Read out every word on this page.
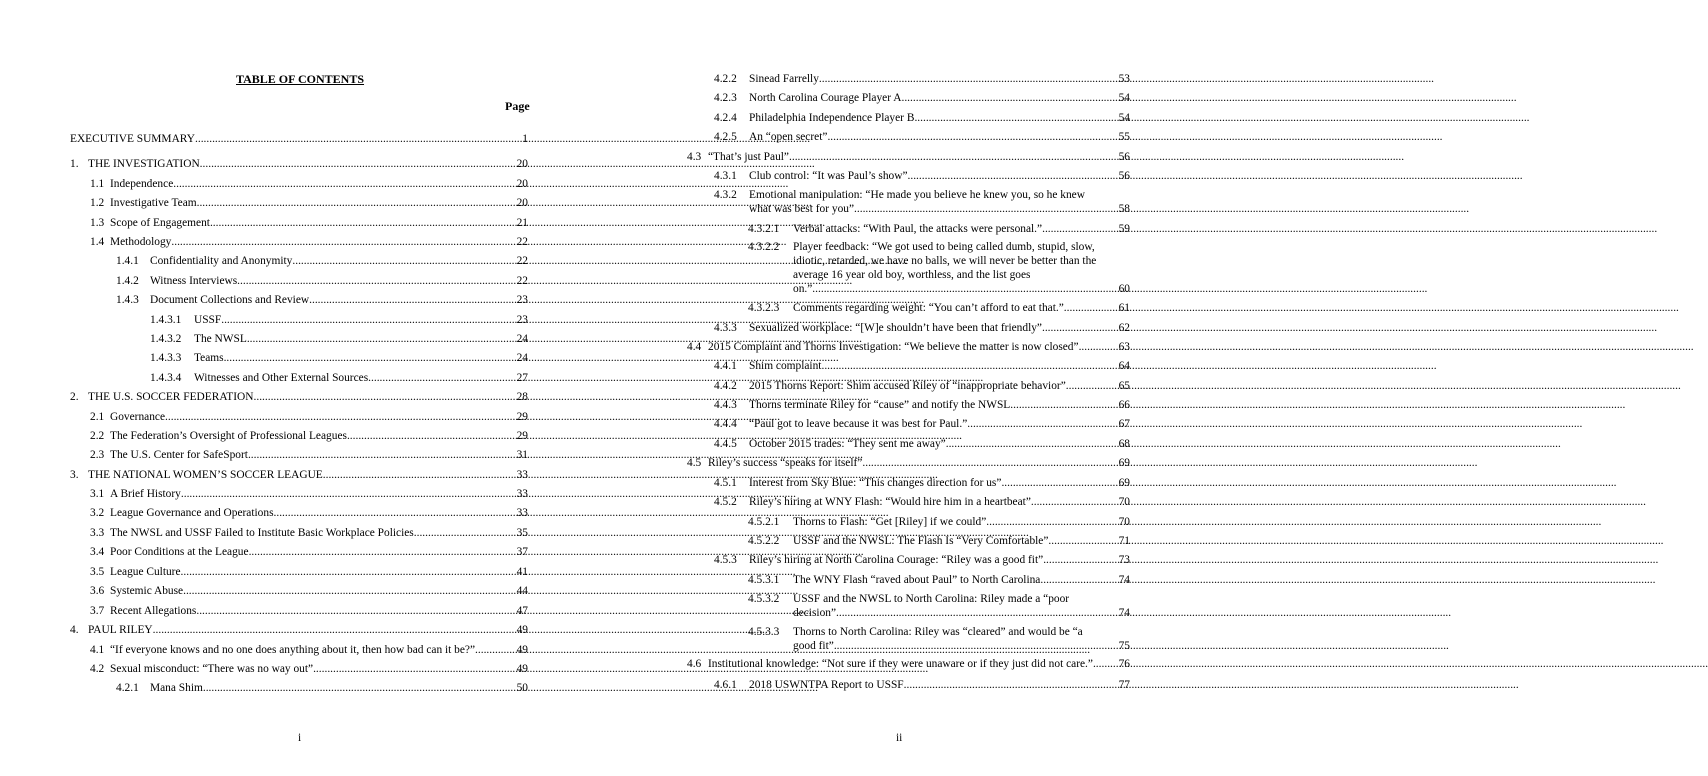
TABLE OF CONTENTS
Page
EXECUTIVE SUMMARY .....	1
1. THE INVESTIGATION .....	20
1.1 Independence .....	20
1.2 Investigative Team .....	20
1.3 Scope of Engagement .....	21
1.4 Methodology .....	22
1.4.1 Confidentiality and Anonymity .....	22
1.4.2 Witness Interviews .....	22
1.4.3 Document Collections and Review .....	23
1.4.3.1	USSF .....	23
1.4.3.2	The NWSL .....	24
1.4.3.3	Teams .....	24
1.4.3.4	Witnesses and Other External Sources .....	27
2. THE U.S. SOCCER FEDERATION .....	28
2.1 Governance .....	29
2.2 The Federation’s Oversight of Professional Leagues .....	29
2.3 The U.S. Center for SafeSport .....	31
3. THE NATIONAL WOMEN’S SOCCER LEAGUE .....	33
3.1 A Brief History .....	33
3.2 League Governance and Operations .....	33
3.3 The NWSL and USSF Failed to Institute Basic Workplace Policies .....	35
3.4 Poor Conditions at the League .....	37
3.5 League Culture .....	41
3.6 Systemic Abuse .....	44
3.7 Recent Allegations .....	47
4. PAUL RILEY .....	49
4.1 “If everyone knows and no one does anything about it, then how bad can it be?” .....	49
4.2 Sexual misconduct: “There was no way out” .....	49
4.2.1 Mana Shim .....	50
i
4.2.2	Sinead Farrelly .....	53
4.2.3	North Carolina Courage Player A .....	54
4.2.4	Philadelphia Independence Player B .....	54
4.2.5	An “open secret” .....	55
4.3 “That’s just Paul” .....	56
4.3.1	Club control: “It was Paul’s show” .....	56
4.3.2	Emotional manipulation: “He made you believe he knew you, so he knew
what was best for you” .....	58
4.3.2.1	Verbal attacks: “With Paul, the attacks were personal.” .....	59
4.3.2.2	Player feedback: “We got used to being called dumb, stupid, slow, idiotic, retarded, we have no balls, we will never be better than the average 16 year old boy, worthless, and the list goes
on.” .....	60
4.3.2.3	Comments regarding weight: “You can’t afford to eat that.” .....	61
4.3.3	Sexualized workplace: “[W]e shouldn’t have been that friendly” .....	62
4.4 2015 Complaint and Thorns Investigation: “We believe the matter is now closed” .....	63
4.4.1	Shim complaint .....	64
4.4.2	2015 Thorns Report: Shim accused Riley of “inappropriate behavior” .....	65
4.4.3	Thorns terminate Riley for “cause” and notify the NWSL .....	66
4.4.4	“Paul got to leave because it was best for Paul.” .....	67
4.4.5	October 2015 trades: “They sent me away” .....	68
4.5 Riley’s success “speaks for itself” .....	69
4.5.1	Interest from Sky Blue: “This changes direction for us” .....	69
4.5.2	Riley’s hiring at WNY Flash: “Would hire him in a heartbeat” .....	70
4.5.2.1	Thorns to Flash: “Get [Riley] if we could” .....	70
4.5.2.2	USSF and the NWSL: The Flash Is “Very Comfortable” .....	71
4.5.3	Riley’s hiring at North Carolina Courage: “Riley was a good fit” .....	73
4.5.3.1	The WNY Flash “raved about Paul” to North Carolina .....	74
4.5.3.2	USSF and the NWSL to North Carolina: Riley made a “poor
decision” .....	74
4.5.3.3	Thorns to North Carolina: Riley was “cleared” and would be “a
good fit” .....	75
4.6 Institutional knowledge: “Not sure if they were unaware or if they just did not care.” ..... 76
4.6.1	2018 USWNTPA Report to USSF .....	77
ii
